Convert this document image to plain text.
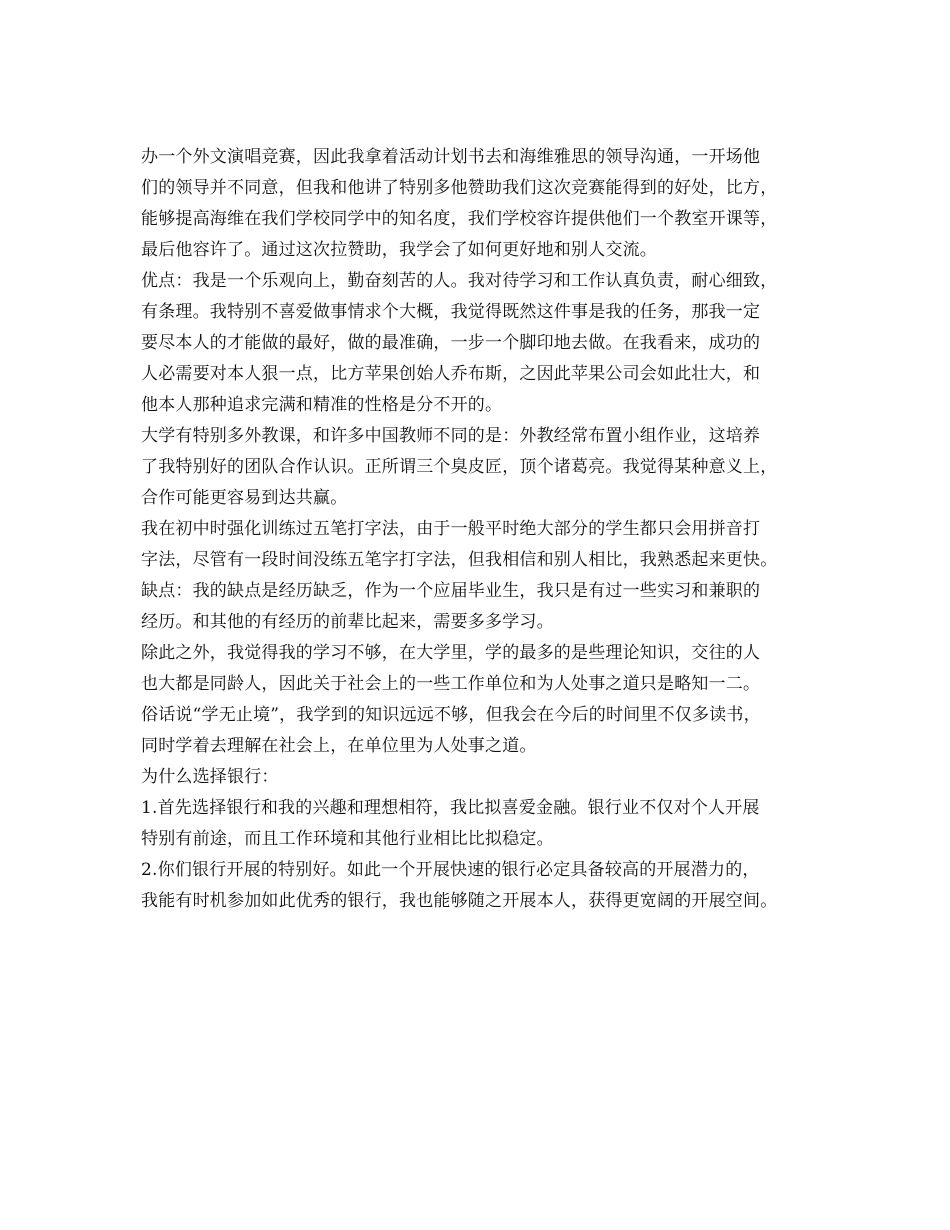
办一个外文演唱竞赛，因此我拿着活动计划书去和海维雅思的领导沟通，一开场他
们的领导并不同意，但我和他讲了特别多他赞助我们这次竞赛能得到的好处，比方，
能够提高海维在我们学校同学中的知名度，我们学校容许提供他们一个教室开课等，
最后他容许了。通过这次拉赞助，我学会了如何更好地和别人交流。
优点：我是一个乐观向上，勤奋刻苦的人。我对待学习和工作认真负责，耐心细致，
有条理。我特别不喜爱做事情求个大概，我觉得既然这件事是我的任务，那我一定
要尽本人的才能做的最好，做的最准确，一步一个脚印地去做。在我看来，成功的
人必需要对本人狠一点，比方苹果创始人乔布斯，之因此苹果公司会如此壮大，和
他本人那种追求完满和精准的性格是分不开的。
大学有特别多外教课，和许多中国教师不同的是：外教经常布置小组作业，这培养
了我特别好的团队合作认识。正所谓三个臭皮匠，顶个诸葛亮。我觉得某种意义上，
合作可能更容易到达共赢。
我在初中时强化训练过五笔打字法，由于一般平时绝大部分的学生都只会用拼音打
字法，尽管有一段时间没练五笔字打字法，但我相信和别人相比，我熟悉起来更快。
缺点：我的缺点是经历缺乏，作为一个应届毕业生，我只是有过一些实习和兼职的
经历。和其他的有经历的前辈比起来，需要多多学习。
除此之外，我觉得我的学习不够，在大学里，学的最多的是些理论知识，交往的人
也大都是同龄人，因此关于社会上的一些工作单位和为人处事之道只是略知一二。
俗话说“学无止境”，我学到的知识远远不够，但我会在今后的时间里不仅多读书，
同时学着去理解在社会上，在单位里为人处事之道。
为什么选择银行：
1.首先选择银行和我的兴趣和理想相符，我比拟喜爱金融。银行业不仅对个人开展
特别有前途，而且工作环境和其他行业相比比拟稳定。
2.你们银行开展的特别好。如此一个开展快速的银行必定具备较高的开展潜力的，
我能有时机参加如此优秀的银行，我也能够随之开展本人，获得更宽阔的开展空间。
